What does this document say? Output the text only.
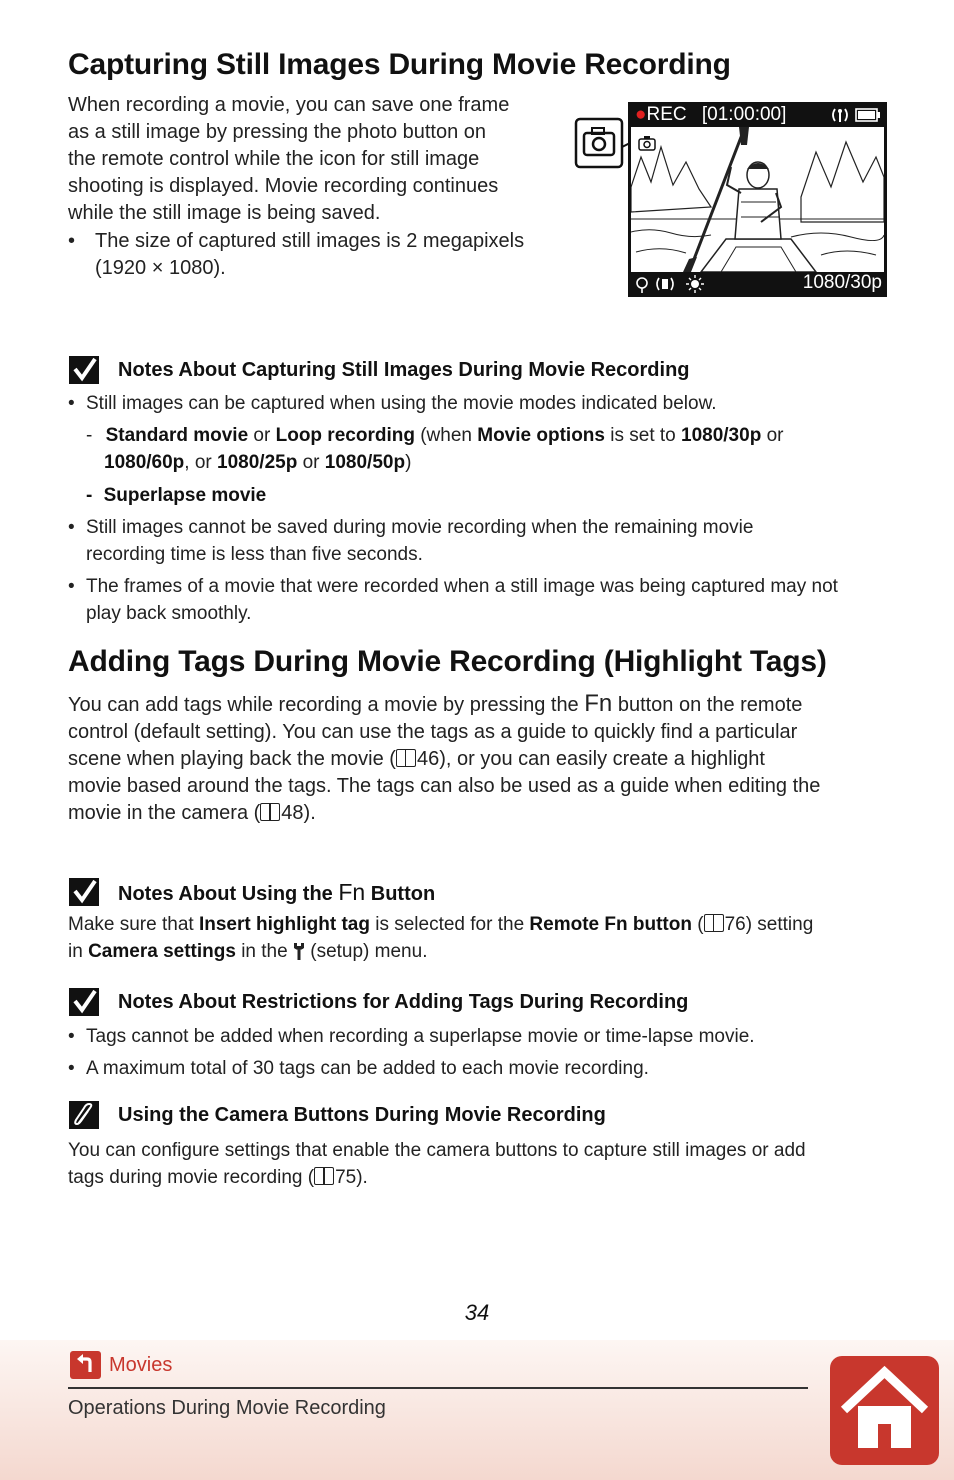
Capturing Still Images During Movie Recording
When recording a movie, you can save one frame
as a still image by pressing the photo button on
the remote control while the icon for still image
shooting is displayed. Movie recording continues
while the still image is being saved.
• The size of captured still images is 2 megapixels
(1920 × 1080).
●REC [01:00:00]
1080/30p
Notes About Capturing Still Images During Movie Recording
• Still images can be captured when using the movie modes indicated below.
- Standard movie or Loop recording (when Movie options is set to 1080/30p or
1080/60p, or 1080/25p or 1080/50p)
- Superlapse movie
• Still images cannot be saved during movie recording when the remaining movie
recording time is less than five seconds.
• The frames of a movie that were recorded when a still image was being captured may not
play back smoothly.
Adding Tags During Movie Recording (Highlight Tags)
You can add tags while recording a movie by pressing the Fn button on the remote
control (default setting). You can use the tags as a guide to quickly find a particular
scene when playing back the movie ( 46), or you can easily create a highlight
movie based around the tags. The tags can also be used as a guide when editing the
movie in the camera ( 48).
Notes About Using the Fn Button
Make sure that Insert highlight tag is selected for the Remote Fn button ( 76) setting
in Camera settings in the  (setup) menu.
Notes About Restrictions for Adding Tags During Recording
• Tags cannot be added when recording a superlapse movie or time-lapse movie.
• A maximum total of 30 tags can be added to each movie recording.
Using the Camera Buttons During Movie Recording
You can configure settings that enable the camera buttons to capture still images or add
tags during movie recording ( 75).
34
Movies
Operations During Movie Recording
